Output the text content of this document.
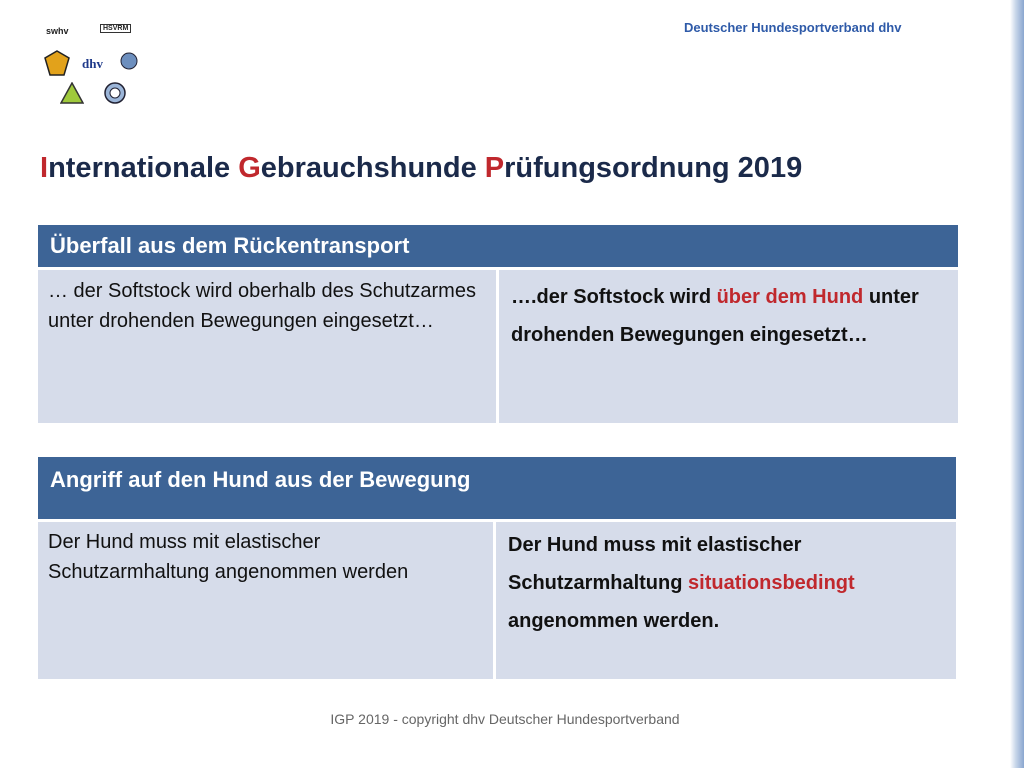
Deutscher Hundesportverband dhv
swhv	HSVRM
dhv
Internationale Gebrauchshunde Prüfungsordnung 2019
Überfall aus dem Rückentransport
… der Softstock wird oberhalb des Schutzarmes unter drohenden Bewegungen eingesetzt…
….der Softstock wird über dem Hund unter drohenden Bewegungen eingesetzt…
Angriff auf den Hund aus der Bewegung
Der Hund muss mit elastischer Schutzarmhaltung angenommen werden
Der Hund muss mit elastischer Schutzarmhaltung situationsbedingt angenommen werden.
IGP 2019 - copyright dhv Deutscher Hundesportverband
